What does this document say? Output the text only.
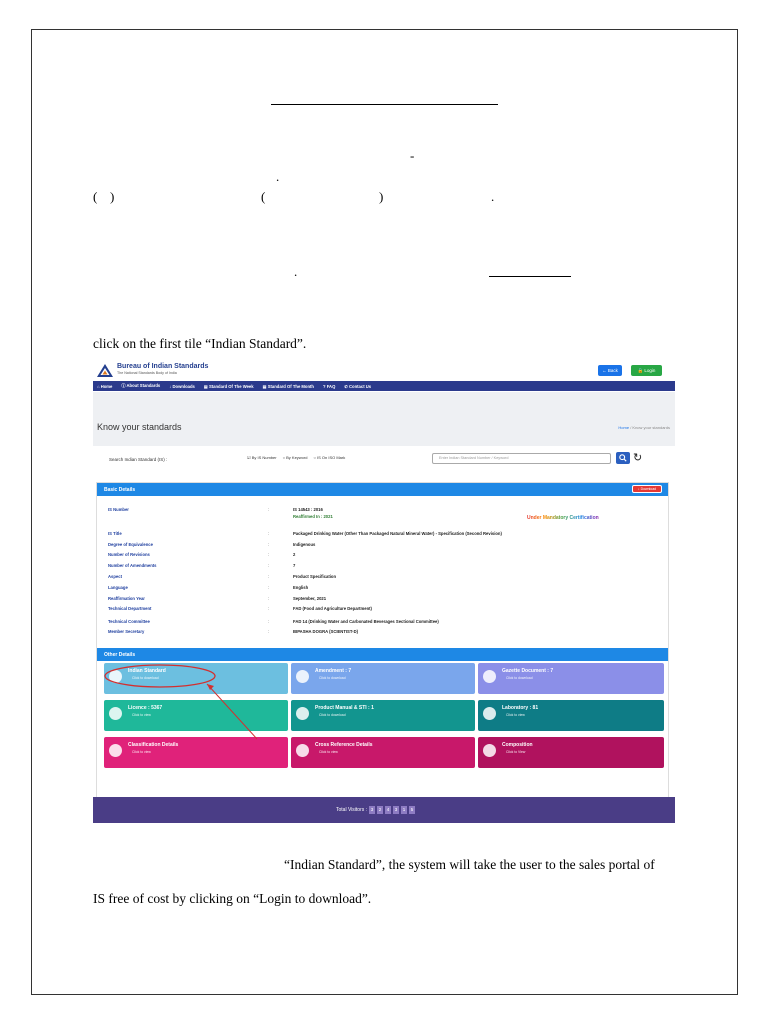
-
.
( )	(	)	.
.
click on the first tile “Indian Standard”.
Bureau of Indian Standards
The National Standards Body of India	← Back	🔒 Login
⌂ Home ⓘ About Standards ↓ Downloads ▤ Standard Of The Week ▤ Standard Of The Month ? FAQ ✆ Contact Us
Know your standards	Home / Know your standards
Search Indian Standard (IS) :	☑ By IS Number ○ By Keyword ○ IS On ISO Mark	Enter Indian Standard Number / Keyword	↻
Basic Details	↓ Download
IS Number	:	IS 14543 : 2016
Reaffirmed In : 2021	Under Mandatory Certification
IS Title	:	Packaged Drinking Water (Other Than Packaged Natural Mineral Water) - Specification (Second Revision)
Degree of Equivalence	:	Indigenous
Number of Revisions	:	2
Number of Amendments	:	7
Aspect	:	Product Specification
Language	:	English
Reaffirmation Year	:	September, 2021
Technical Department	:	FAD (Food and Agriculture Department)
Technical Committee	:	FAD 14 (Drinking Water and Carbonated Beverages Sectional Committee)
Member Secretary	:	BIPASHA DOGRA (SCIENTIST-D)
Other Details
Indian Standard
Click to download
Amendment : 7
Click to download
Gazette Document : 7
Click to download
Licence : 5367
Click to view
Product Manual & STI : 1
Click to download
Laboratory : 81
Click to view
Classification Details
Click to view
Cross Reference Details
Click to view
Composition
Click to View
Total Visitors : 3	2	4	3	1	5
“Indian Standard”, the system will take the user to the sales portal of
IS free of cost by clicking on “Login to download”.
